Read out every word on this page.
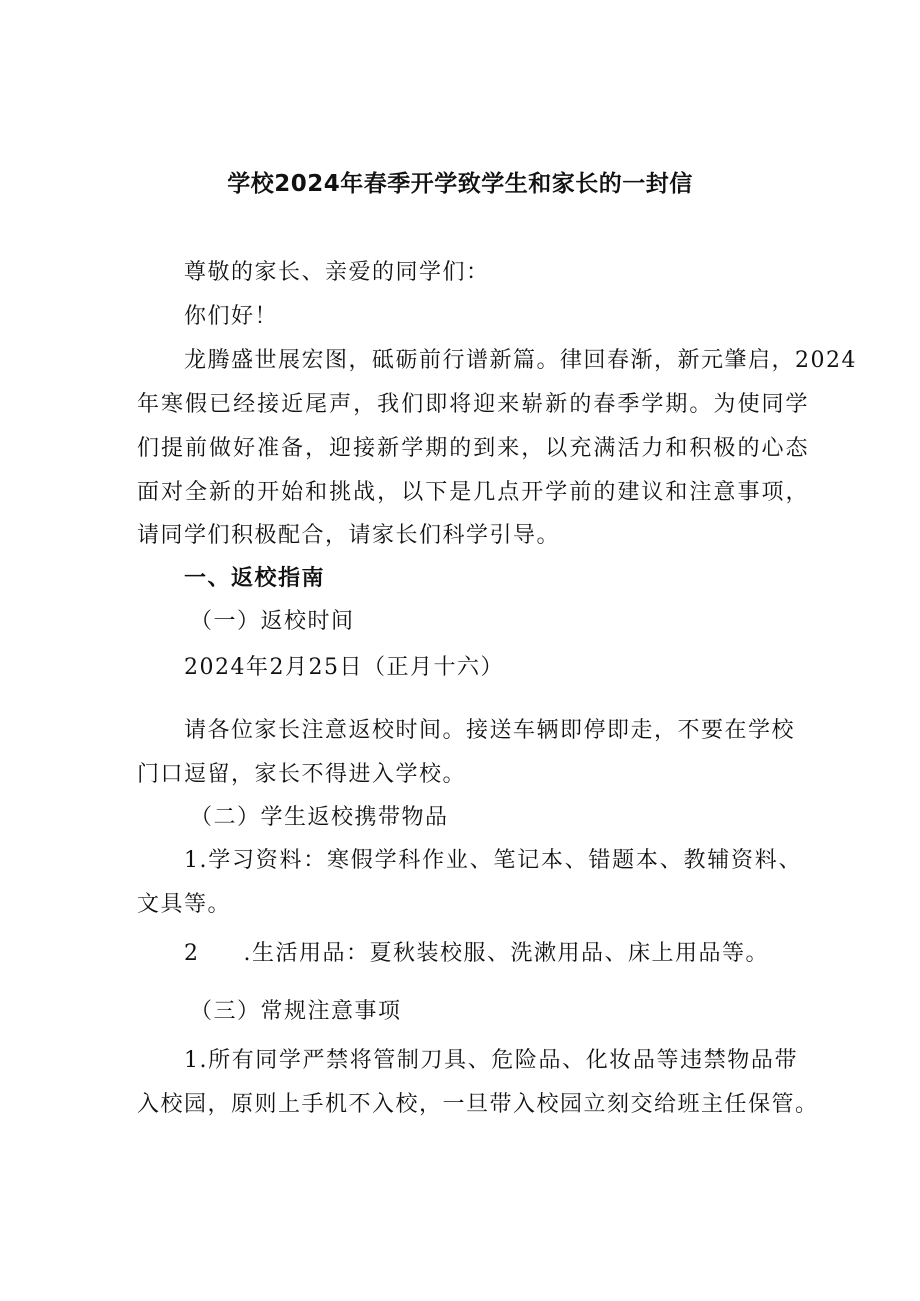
学校2024年春季开学致学生和家长的一封信
尊敬的家长、亲爱的同学们：
你们好！
龙腾盛世展宏图，砥砺前行谱新篇。律回春渐，新元肇启，2024
年寒假已经接近尾声，我们即将迎来崭新的春季学期。为使同学
们提前做好准备，迎接新学期的到来，以充满活力和积极的心态
面对全新的开始和挑战，以下是几点开学前的建议和注意事项，
请同学们积极配合，请家长们科学引导。
一、返校指南
（一）返校时间
2024年2月25日（正月十六）
请各位家长注意返校时间。接送车辆即停即走，不要在学校
门口逗留，家长不得进入学校。
（二）学生返校携带物品
1.学习资料：寒假学科作业、笔记本、错题本、教辅资料、
文具等。
2 .生活用品：夏秋装校服、洗漱用品、床上用品等。
（三）常规注意事项
1.所有同学严禁将管制刀具、危险品、化妆品等违禁物品带
入校园，原则上手机不入校，一旦带入校园立刻交给班主任保管。
